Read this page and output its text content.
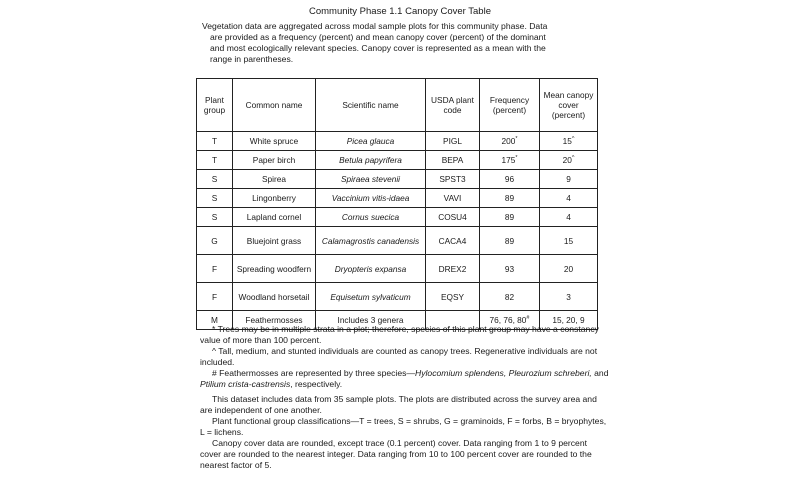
Community Phase 1.1 Canopy Cover Table
Vegetation data are aggregated across modal sample plots for this community phase. Data
are provided as a frequency (percent) and mean canopy cover (percent) of the dominant
and most ecologically relevant species. Canopy cover is represented as a mean with the
range in parentheses.
Plant group	Common name	Scientific name	USDA plant code	Frequency (percent)	Mean canopy cover (percent)
T	White spruce	Picea glauca	PIGL	200*	15^
T	Paper birch	Betula papyrifera	BEPA	175*	20^
S	Spirea	Spiraea stevenii	SPST3	96	9
S	Lingonberry	Vaccinium vitis-idaea	VAVI	89	4
S	Lapland cornel	Cornus suecica	COSU4	89	4
G	Bluejoint grass	Calamagrostis canadensis	CACA4	89	15
F	Spreading woodfern	Dryopteris expansa	DREX2	93	20
F	Woodland horsetail	Equisetum sylvaticum	EQSY	82	3
M	Feathermosses	Includes 3 genera		76, 76, 80#	15, 20, 9

* Trees may be in multiple strata in a plot; therefore, species of this plant group may have a constancy value of more than 100 percent.

^ Tall, medium, and stunted individuals are counted as canopy trees. Regenerative individuals are not included.

# Feathermosses are represented by three species—Hylocomium splendens, Pleurozium schreberi, and Ptilium crista-castrensis, respectively.

This dataset includes data from 35 sample plots. The plots are distributed across the survey area and are independent of one another.

Plant functional group classifications—T = trees, S = shrubs, G = graminoids, F = forbs, B = bryophytes, L = lichens.

Canopy cover data are rounded, except trace (0.1 percent) cover. Data ranging from 1 to 9 percent cover are rounded to the nearest integer. Data ranging from 10 to 100 percent cover are rounded to the nearest factor of 5.
